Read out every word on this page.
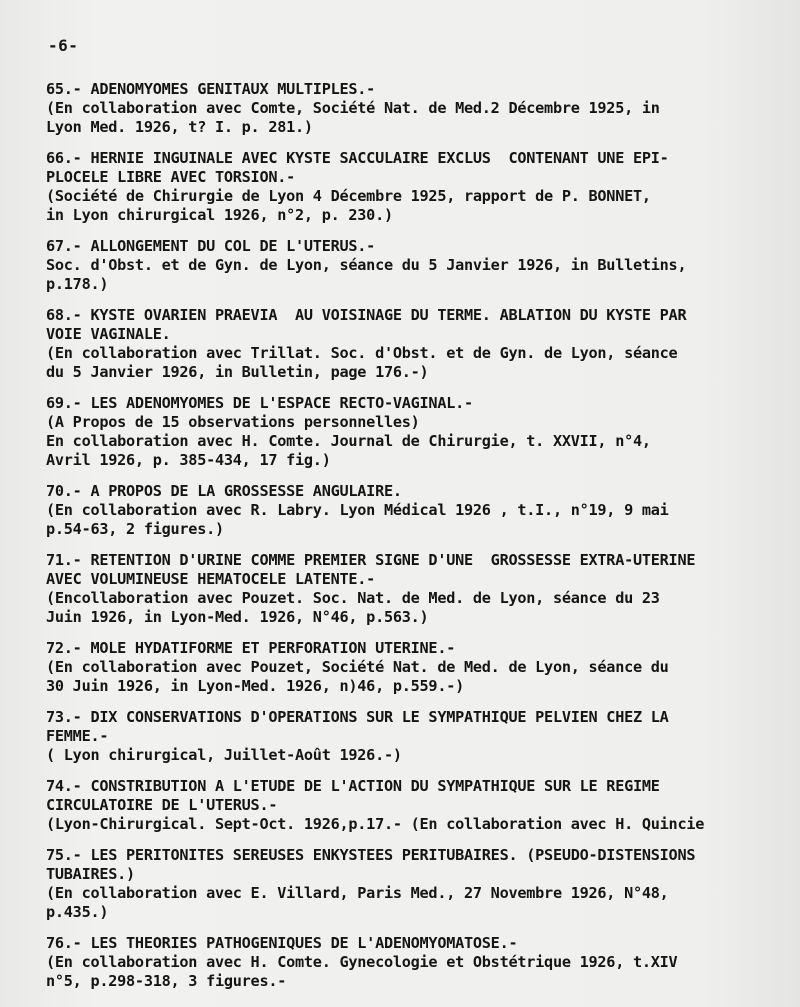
-6-
65.- ADENOMYOMES GENITAUX MULTIPLES.-
(En collaboration avec Comte, Société Nat. de Med.2 Décembre 1925, in
Lyon Med. 1926, t? I. p. 281.)
66.- HERNIE INGUINALE AVEC KYSTE SACCULAIRE EXCLUS  CONTENANT UNE EPI-
PLOCELE LIBRE AVEC TORSION.-
(Société de Chirurgie de Lyon 4 Décembre 1925, rapport de P. BONNET,
in Lyon chirurgical 1926, n°2, p. 230.)
67.- ALLONGEMENT DU COL DE L'UTERUS.-
Soc. d'Obst. et de Gyn. de Lyon, séance du 5 Janvier 1926, in Bulletins,
p.178.)
68.- KYSTE OVARIEN PRAEVIA  AU VOISINAGE DU TERME. ABLATION DU KYSTE PAR
VOIE VAGINALE.
(En collaboration avec Trillat. Soc. d'Obst. et de Gyn. de Lyon, séance
du 5 Janvier 1926, in Bulletin, page 176.-)
69.- LES ADENOMYOMES DE L'ESPACE RECTO-VAGINAL.-
(A Propos de 15 observations personnelles)
En collaboration avec H. Comte. Journal de Chirurgie, t. XXVII, n°4,
Avril 1926, p. 385-434, 17 fig.)
70.- A PROPOS DE LA GROSSESSE ANGULAIRE.
(En collaboration avec R. Labry. Lyon Médical 1926 , t.I., n°19, 9 mai
p.54-63, 2 figures.)
71.- RETENTION D'URINE COMME PREMIER SIGNE D'UNE  GROSSESSE EXTRA-UTERINE
AVEC VOLUMINEUSE HEMATOCELE LATENTE.-
(Encollaboration avec Pouzet. Soc. Nat. de Med. de Lyon, séance du 23
Juin 1926, in Lyon-Med. 1926, N°46, p.563.)
72.- MOLE HYDATIFORME ET PERFORATION UTERINE.-
(En collaboration avec Pouzet, Société Nat. de Med. de Lyon, séance du
30 Juin 1926, in Lyon-Med. 1926, n)46, p.559.-)
73.- DIX CONSERVATIONS D'OPERATIONS SUR LE SYMPATHIQUE PELVIEN CHEZ LA
FEMME.-
( Lyon chirurgical, Juillet-Août 1926.-)
74.- CONSTRIBUTION A L'ETUDE DE L'ACTION DU SYMPATHIQUE SUR LE REGIME
CIRCULATOIRE DE L'UTERUS.-
(Lyon-Chirurgical. Sept-Oct. 1926,p.17.- (En collaboration avec H. Quincie
75.- LES PERITONITES SEREUSES ENKYSTEES PERITUBAIRES. (PSEUDO-DISTENSIONS
TUBAIRES.)
(En collaboration avec E. Villard, Paris Med., 27 Novembre 1926, N°48,
p.435.)
76.- LES THEORIES PATHOGENIQUES DE L'ADENOMYOMATOSE.-
(En collaboration avec H. Comte. Gynecologie et Obstétrique 1926, t.XIV
n°5, p.298-318, 3 figures.-
